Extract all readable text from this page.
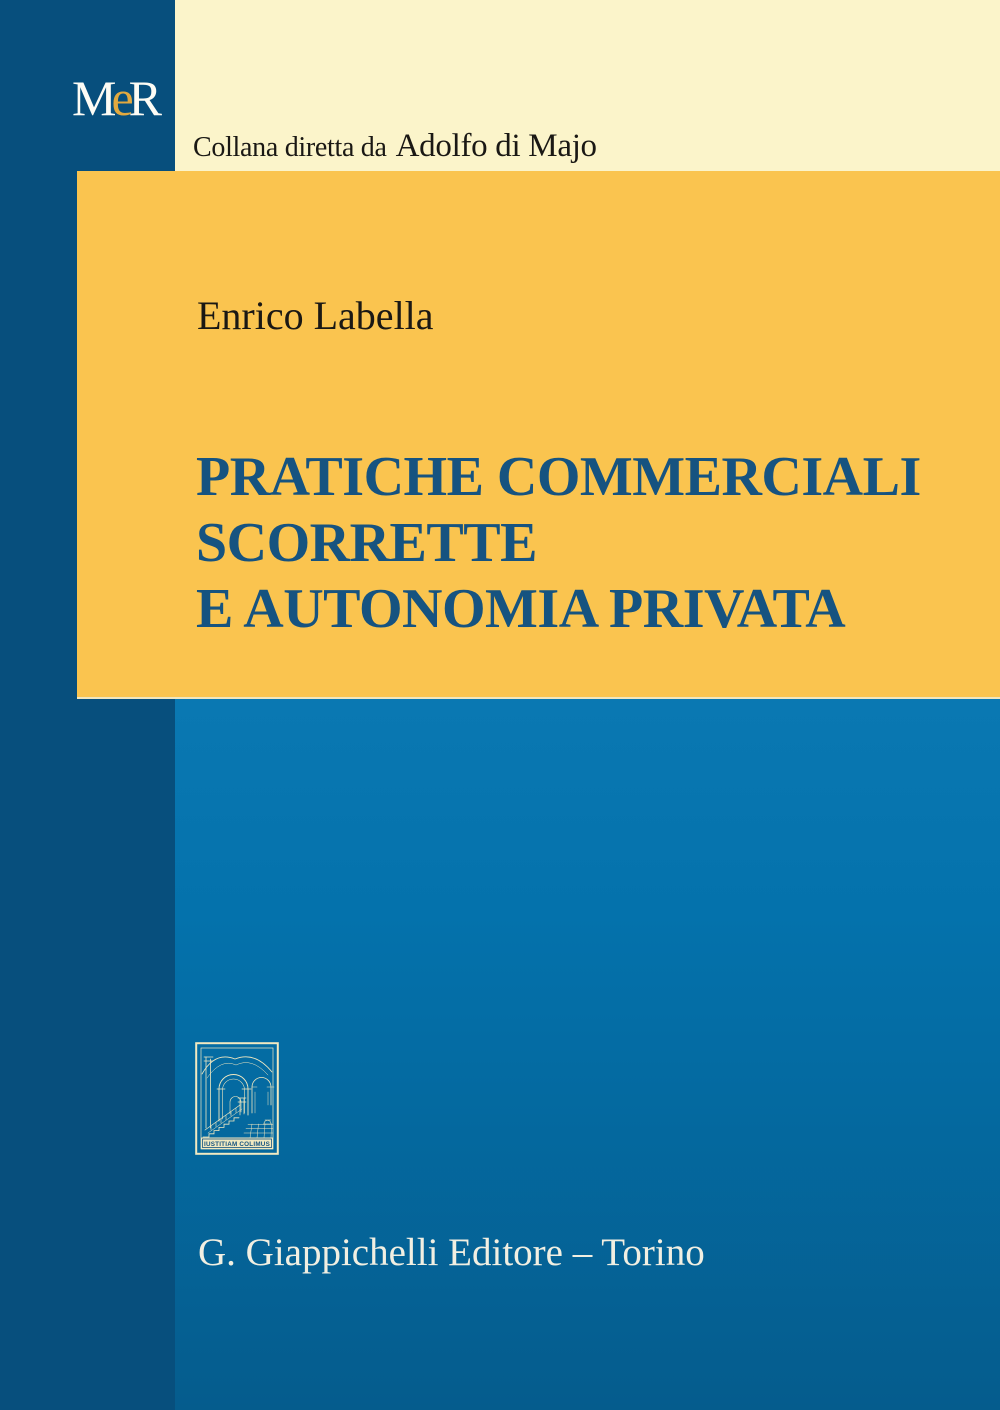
MeR
Collana diretta da Adolfo di Majo
Enrico Labella
PRATICHE COMMERCIALI
SCORRETTE
E AUTONOMIA PRIVATA
IUSTITIAM COLIMUS
G. Giappichelli Editore – Torino
